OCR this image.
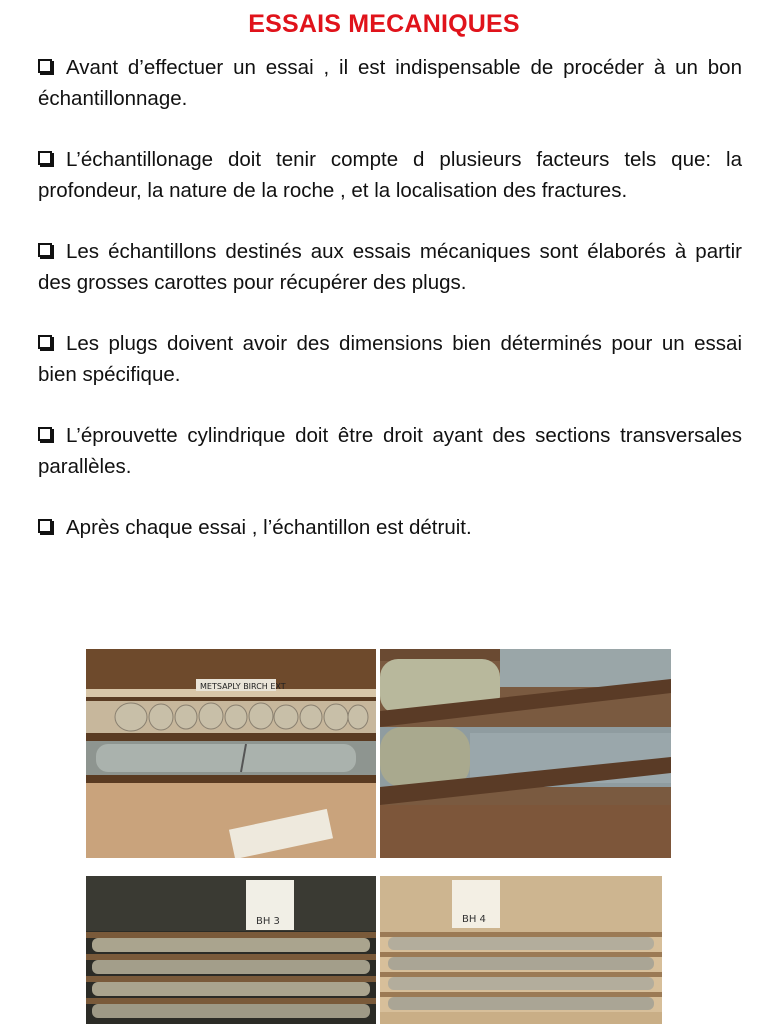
ESSAIS MECANIQUES

Avant d’effectuer un essai , il est indispensable de procéder à un bon échantillonnage.

L’échantillonage doit tenir compte d plusieurs facteurs tels que: la profondeur, la nature de la roche , et la localisation des fractures.

Les échantillons destinés aux essais mécaniques sont élaborés à partir des grosses carottes pour récupérer des plugs.

Les plugs doivent avoir des dimensions bien déterminés pour un essai bien spécifique.

L’éprouvette cylindrique doit être droit ayant des sections transversales parallèles.

Après chaque essai , l’échantillon est détruit.

METSAPLY BIRCH EXT
BH 3	BH 4
